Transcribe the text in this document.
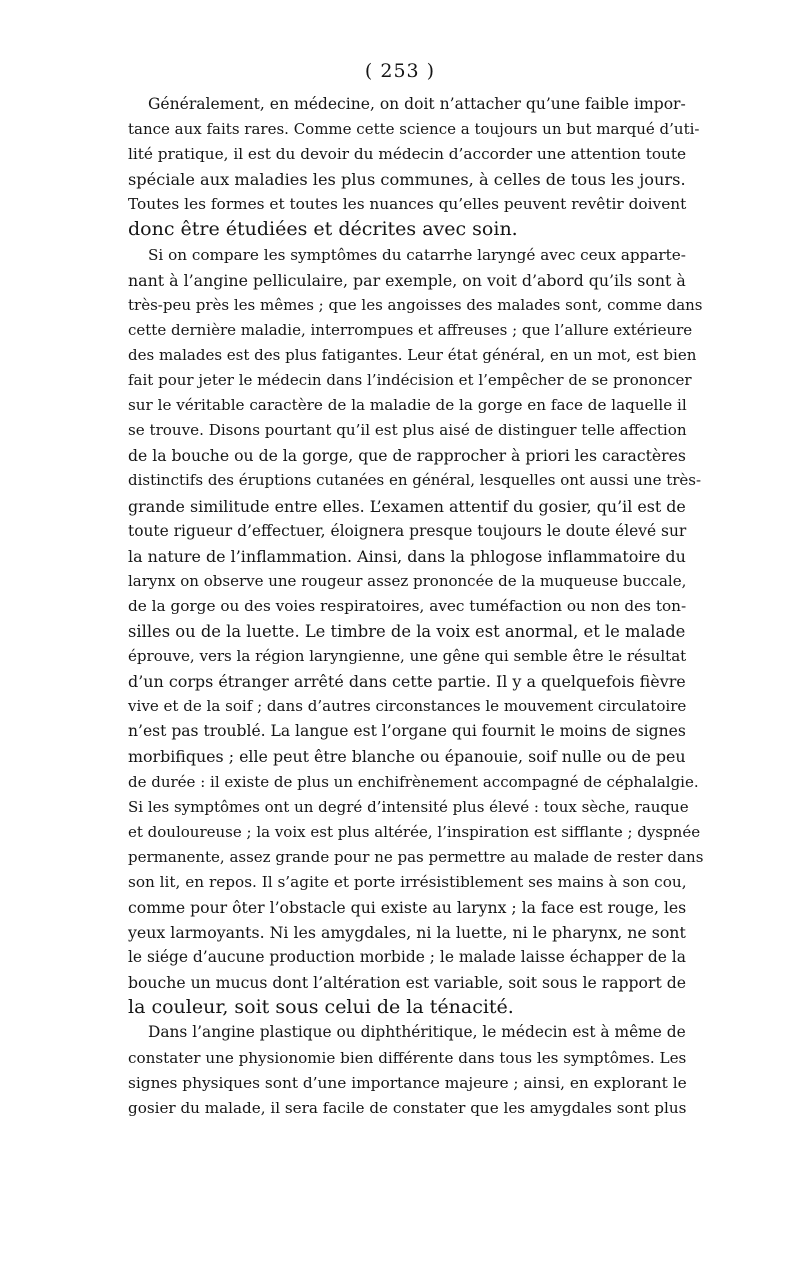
( 253 )
Généralement, en médecine, on doit n’attacher qu’une faible impor-
tance aux faits rares. Comme cette science a toujours un but marqué d’uti-
lité pratique, il est du devoir du médecin d’accorder une attention toute
spéciale aux maladies les plus communes, à celles de tous les jours.
Toutes les formes et toutes les nuances qu’elles peuvent revêtir doivent
donc être étudiées et décrites avec soin.
Si on compare les symptômes du catarrhe laryngé avec ceux apparte-
nant à l’angine pelliculaire, par exemple, on voit d’abord qu’ils sont à
très-peu près les mêmes ; que les angoisses des malades sont, comme dans
cette dernière maladie, interrompues et affreuses ; que l’allure extérieure
des malades est des plus fatigantes. Leur état général, en un mot, est bien
fait pour jeter le médecin dans l’indécision et l’empêcher de se prononcer
sur le véritable caractère de la maladie de la gorge en face de laquelle il
se trouve. Disons pourtant qu’il est plus aisé de distinguer telle affection
de la bouche ou de la gorge, que de rapprocher à priori les caractères
distinctifs des éruptions cutanées en général, lesquelles ont aussi une très-
grande similitude entre elles. L’examen attentif du gosier, qu’il est de
toute rigueur d’effectuer, éloignera presque toujours le doute élevé sur
la nature de l’inflammation. Ainsi, dans la phlogose inflammatoire du
larynx on observe une rougeur assez prononcée de la muqueuse buccale,
de la gorge ou des voies respiratoires, avec tuméfaction ou non des ton-
silles ou de la luette. Le timbre de la voix est anormal, et le malade
éprouve, vers la région laryngienne, une gêne qui semble être le résultat
d’un corps étranger arrêté dans cette partie. Il y a quelquefois fièvre
vive et de la soif ; dans d’autres circonstances le mouvement circulatoire
n’est pas troublé. La langue est l’organe qui fournit le moins de signes
morbifiques ; elle peut être blanche ou épanouie, soif nulle ou de peu
de durée : il existe de plus un enchifrènement accompagné de céphalalgie.
Si les symptômes ont un degré d’intensité plus élevé : toux sèche, rauque
et douloureuse ; la voix est plus altérée, l’inspiration est sifflante ; dyspnée
permanente, assez grande pour ne pas permettre au malade de rester dans
son lit, en repos. Il s’agite et porte irrésistiblement ses mains à son cou,
comme pour ôter l’obstacle qui existe au larynx ; la face est rouge, les
yeux larmoyants. Ni les amygdales, ni la luette, ni le pharynx, ne sont
le siége d’aucune production morbide ; le malade laisse échapper de la
bouche un mucus dont l’altération est variable, soit sous le rapport de
la couleur, soit sous celui de la ténacité.
Dans l’angine plastique ou diphthéritique, le médecin est à même de
constater une physionomie bien différente dans tous les symptômes. Les
signes physiques sont d’une importance majeure ; ainsi, en explorant le
gosier du malade, il sera facile de constater que les amygdales sont plus
